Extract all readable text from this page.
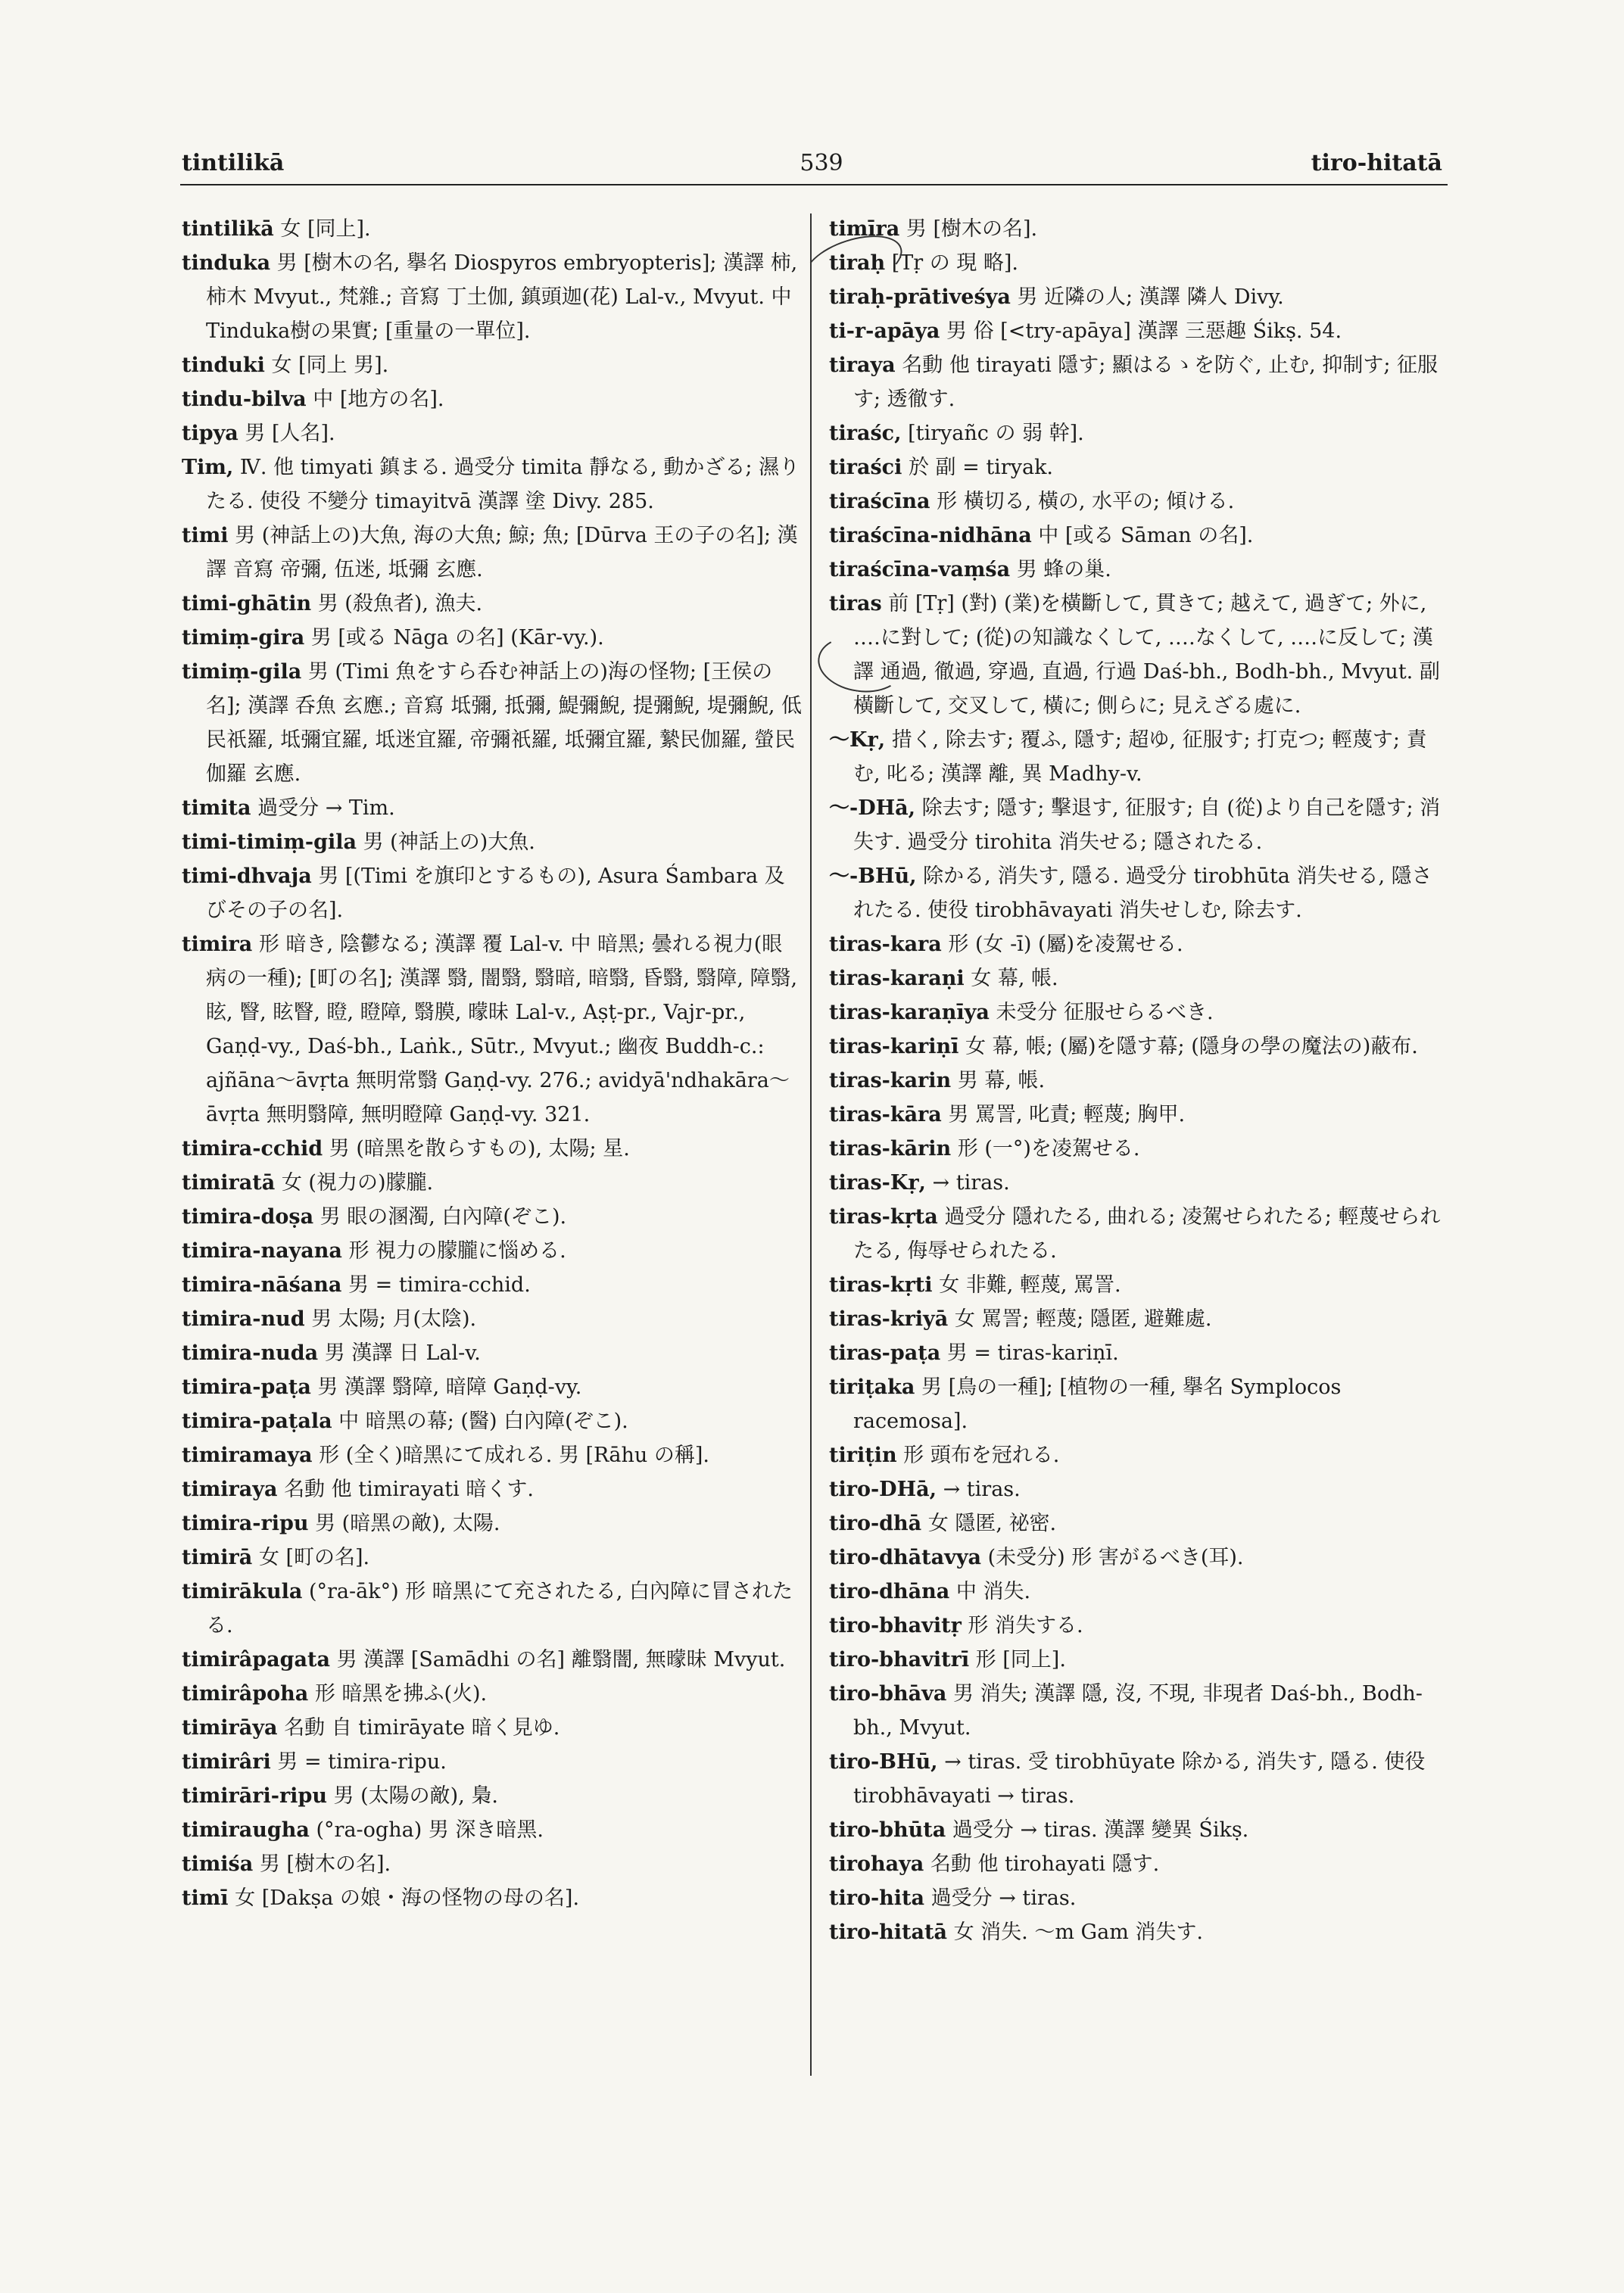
tintilikā	539	tiro-hitatā
tintilikā 女 [同上].
tinduka 男 [樹木の名, 擧名 Diospyros embryopteris]; 漢譯 柿, 柿木 Mvyut., 梵雜.; 音寫 丁土伽, 鎮頭迦(花) Lal-v., Mvyut. 中 Tinduka樹の果實; [重量の一單位].
tinduki 女 [同上 男].
tindu-bilva 中 [地方の名].
tipya 男 [人名].
Tim, Ⅳ. 他 timyati 鎮まる. 過受分 timita 靜なる, 動かざる; 濕りたる. 使役 不變分 timayitvā 漢譯 塗 Divy. 285.
timi 男 (神話上の)大魚, 海の大魚; 鯨; 魚; [Dūrva 王の子の名]; 漢譯 音寫 帝彌, 伍迷, 坻彌 玄應.
timi-ghātin 男 (殺魚者), 漁夫.
timiṃ-gira 男 [或る Nāga の名] (Kār-vy.).
timiṃ-gila 男 (Timi 魚をすら呑む神話上の)海の怪物; [王侯の名]; 漢譯 呑魚 玄應.; 音寫 坻彌, 抵彌, 鯷彌鯢, 提彌鯢, 堤彌鯢, 低民祇羅, 坻彌宜羅, 坻迷宜羅, 帝彌祇羅, 坻彌宜羅, 縶民伽羅, 螢民伽羅 玄應.
timita 過受分 → Tim.
timi-timiṃ-gila 男 (神話上の)大魚.
timi-dhvaja 男 [(Timi を旗印とするもの), Asura Śambara 及びその子の名].
timira 形 暗き, 陰鬱なる; 漢譯 覆 Lal-v. 中 暗黑; 曇れる視力(眼病の一種); [町の名]; 漢譯 翳, 闇翳, 翳暗, 暗翳, 昏翳, 翳障, 障翳, 眩, 瞖, 眩瞖, 瞪, 瞪障, 翳膜, 曚昧 Lal-v., Aṣṭ-pr., Vajr-pr., Gaṇḍ-vy., Daś-bh., Laṅk., Sūtr., Mvyut.; 幽夜 Buddh-c.: ajñāna〜āvṛta 無明常翳 Gaṇḍ-vy. 276.; avidyā'ndhakāra〜āvṛta 無明翳障, 無明瞪障 Gaṇḍ-vy. 321.
timira-cchid 男 (暗黑を散らすもの), 太陽; 星.
timiratā 女 (視力の)朦朧.
timira-doṣa 男 眼の溷濁, 白內障(ぞこ).
timira-nayana 形 視力の朦朧に惱める.
timira-nāśana 男 = timira-cchid.
timira-nud 男 太陽; 月(太陰).
timira-nuda 男 漢譯 日 Lal-v.
timira-paṭa 男 漢譯 翳障, 暗障 Gaṇḍ-vy.
timira-paṭala 中 暗黑の幕; (醫) 白內障(ぞこ).
timiramaya 形 (全く)暗黑にて成れる. 男 [Rāhu の稱].
timiraya 名動 他 timirayati 暗くす.
timira-ripu 男 (暗黑の敵), 太陽.
timirā 女 [町の名].
timirākula (°ra-āk°) 形 暗黑にて充されたる, 白內障に冒されたる.
timirâpagata 男 漢譯 [Samādhi の名] 離翳闇, 無曚昧 Mvyut.
timirâpoha 形 暗黑を拂ふ(火).
timirāya 名動 自 timirāyate 暗く見ゆ.
timirâri 男 = timira-ripu.
timirāri-ripu 男 (太陽の敵), 梟.
timiraugha (°ra-ogha) 男 深き暗黑.
timiśa 男 [樹木の名].
timī 女 [Dakṣa の娘・海の怪物の母の名].
timīra 男 [樹木の名].
tiraḥ [Tṛ の 現 略].
tiraḥ-prātiveśya 男 近隣の人; 漢譯 隣人 Divy.
ti-r-apāya 男 俗 [<try-apāya] 漢譯 三惡趣 Śikṣ. 54.
tiraya 名動 他 tirayati 隱す; 顯はるゝを防ぐ, 止む, 抑制す; 征服す; 透徹す.
tiraśc, [tiryañc の 弱 幹].
tiraści 於 副 = tiryak.
tiraścīna 形 橫切る, 橫の, 水平の; 傾ける.
tiraścīna-nidhāna 中 [或る Sāman の名].
tiraścīna-vaṃśa 男 蜂の巢.
tiras 前 [Tṛ] (對) (業)を橫斷して, 貫きて; 越えて, 過ぎて; 外に, ‥‥に對して; (從)の知識なくして, ‥‥なくして, ‥‥に反して; 漢譯 通過, 徹過, 穿過, 直過, 行過 Daś-bh., Bodh-bh., Mvyut. 副 橫斷して, 交叉して, 橫に; 側らに; 見えざる處に.
〜Kṛ, 措く, 除去す; 覆ふ, 隱す; 超ゆ, 征服す; 打克つ; 輕蔑す; 責む, 叱る; 漢譯 離, 異 Madhy-v.
〜-DHā, 除去す; 隱す; 擊退す, 征服す; 自 (從)より自己を隱す; 消失す. 過受分 tirohita 消失せる; 隱されたる.
〜-BHū, 除かる, 消失す, 隱る. 過受分 tirobhūta 消失せる, 隱されたる. 使役 tirobhāvayati 消失せしむ, 除去す.
tiras-kara 形 (女 -ī) (屬)を凌駕せる.
tiras-karaṇi 女 幕, 帳.
tiras-karaṇīya 未受分 征服せらるべき.
tiras-kariṇī 女 幕, 帳; (屬)を隱す幕; (隱身の學の魔法の)蔽布.
tiras-karin 男 幕, 帳.
tiras-kāra 男 罵詈, 叱責; 輕蔑; 胸甲.
tiras-kārin 形 (一°)を凌駕せる.
tiras-Kṛ, → tiras.
tiras-kṛta 過受分 隱れたる, 曲れる; 凌駕せられたる; 輕蔑せられたる, 侮辱せられたる.
tiras-kṛti 女 非難, 輕蔑, 罵詈.
tiras-kriyā 女 罵詈; 輕蔑; 隱匿, 避難處.
tiras-paṭa 男 = tiras-kariṇī.
tiriṭaka 男 [鳥の一種]; [植物の一種, 擧名 Symplocos racemosa].
tiriṭin 形 頭布を冠れる.
tiro-DHā, → tiras.
tiro-dhā 女 隱匿, 祕密.
tiro-dhātavya (未受分) 形 害がるべき(耳).
tiro-dhāna 中 消失.
tiro-bhavitṛ 形 消失する.
tiro-bhavitrī 形 [同上].
tiro-bhāva 男 消失; 漢譯 隱, 沒, 不現, 非現者 Daś-bh., Bodh-bh., Mvyut.
tiro-BHū, → tiras. 受 tirobhūyate 除かる, 消失す, 隱る. 使役 tirobhāvayati → tiras.
tiro-bhūta 過受分 → tiras. 漢譯 變異 Śikṣ.
tirohaya 名動 他 tirohayati 隱す.
tiro-hita 過受分 → tiras.
tiro-hitatā 女 消失. 〜m Gam 消失す.
